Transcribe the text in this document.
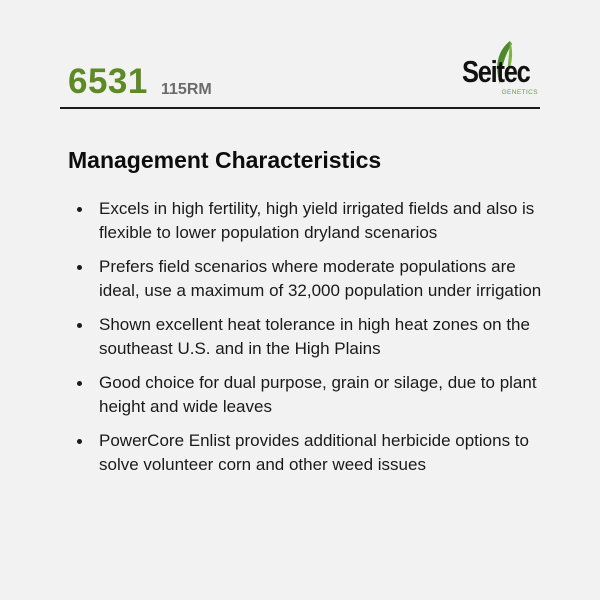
6531 115RM
Seitec
GENETICS
Management Characteristics
Excels in high fertility, high yield irrigated fields and also is flexible to lower population dryland scenarios
Prefers field scenarios where moderate populations are ideal, use a maximum of 32,000 population under irrigation
Shown excellent heat tolerance in high heat zones on the southeast U.S. and in the High Plains
Good choice for dual purpose, grain or silage, due to plant height and wide leaves
PowerCore Enlist provides additional herbicide options to solve volunteer corn and other weed issues
